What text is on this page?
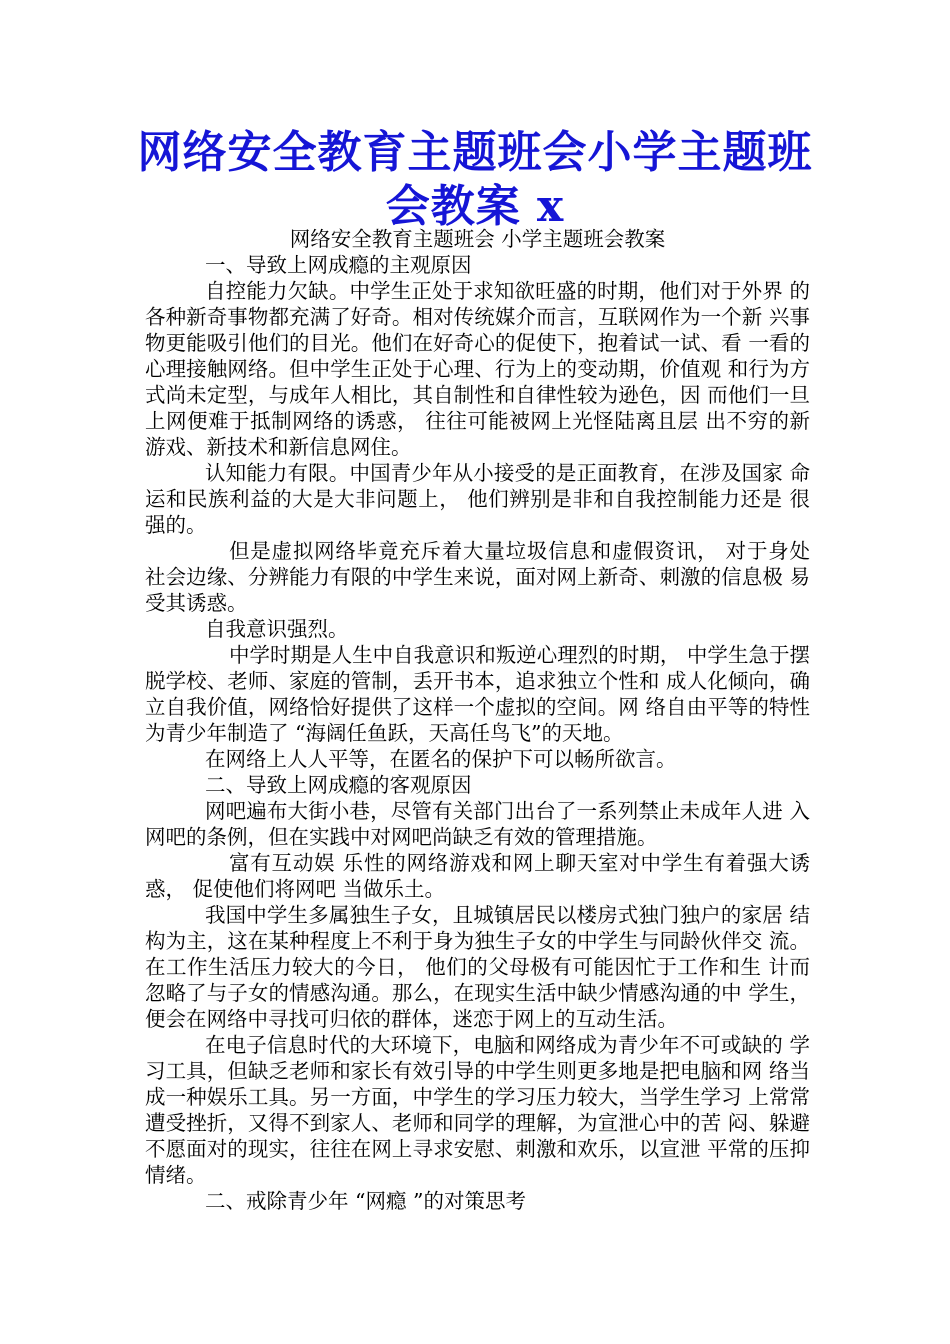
网络安全教育主题班会小学主题班会教案 x

网络安全教育主题班会 小学主题班会教案

一、导致上网成瘾的主观原因

自控能力欠缺。中学生正处于求知欲旺盛的时期，他们对于外界 的各种新奇事物都充满了好奇。相对传统媒介而言，互联网作为一个新 兴事物更能吸引他们的目光。他们在好奇心的促使下，抱着试一试、看 一看的心理接触网络。但中学生正处于心理、行为上的变动期，价值观 和行为方式尚未定型，与成年人相比，其自制性和自律性较为逊色，因 而他们一旦上网便难于抵制网络的诱惑， 往往可能被网上光怪陆离且层 出不穷的新游戏、新技术和新信息网住。

认知能力有限。中国青少年从小接受的是正面教育，在涉及国家 命运和民族利益的大是大非问题上， 他们辨别是非和自我控制能力还是 很强的。

但是虚拟网络毕竟充斥着大量垃圾信息和虚假资讯， 对于身处 社会边缘、分辨能力有限的中学生来说，面对网上新奇、刺激的信息极 易受其诱惑。

自我意识强烈。

中学时期是人生中自我意识和叛逆心理烈的时期， 中学生急于摆脱学校、老师、家庭的管制，丢开书本，追求独立个性和 成人化倾向，确立自我价值，网络恰好提供了这样一个虚拟的空间。网 络自由平等的特性为青少年制造了 “海阔任鱼跃，天高任鸟飞”的天地。

在网络上人人平等，在匿名的保护下可以畅所欲言。

二、导致上网成瘾的客观原因

网吧遍布大街小巷，尽管有关部门出台了一系列禁止未成年人进 入网吧的条例，但在实践中对网吧尚缺乏有效的管理措施。

富有互动娱 乐性的网络游戏和网上聊天室对中学生有着强大诱惑， 促使他们将网吧 当做乐土。

我国中学生多属独生子女，且城镇居民以楼房式独门独户的家居 结构为主，这在某种程度上不利于身为独生子女的中学生与同龄伙伴交 流。在工作生活压力较大的今日， 他们的父母极有可能因忙于工作和生 计而忽略了与子女的情感沟通。那么，在现实生活中缺少情感沟通的中 学生，便会在网络中寻找可归依的群体，迷恋于网上的互动生活。

在电子信息时代的大环境下，电脑和网络成为青少年不可或缺的 学习工具，但缺乏老师和家长有效引导的中学生则更多地是把电脑和网 络当成一种娱乐工具。另一方面，中学生的学习压力较大，当学生学习 上常常遭受挫折，又得不到家人、老师和同学的理解，为宣泄心中的苦 闷、躲避不愿面对的现实，往往在网上寻求安慰、刺激和欢乐，以宣泄 平常的压抑情绪。

二、戒除青少年 “网瘾 ”的对策思考
